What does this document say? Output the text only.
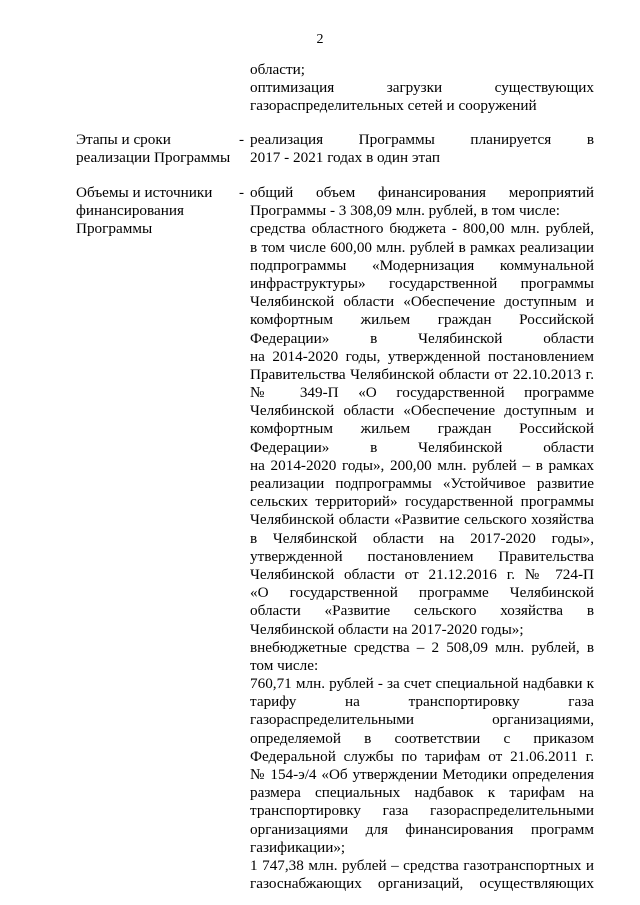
2
области;
оптимизация загрузки существующих
газораспределительных сетей и сооружений
Этапы и сроки
реализации Программы
- реализация Программы планируется в
2017 - 2021 годах в один этап
Объемы и источники
финансирования
Программы
- общий объем финансирования мероприятий
Программы - 3 308,09 млн. рублей, в том числе:
средства областного бюджета - 800,00 млн. рублей,
в том числе 600,00 млн. рублей в рамках реализации
подпрограммы «Модернизация коммунальной
инфраструктуры» государственной программы
Челябинской области «Обеспечение доступным и
комфортным жильем граждан Российской
Федерации» в Челябинской области
на 2014-2020 годы, утвержденной постановлением
Правительства Челябинской области от 22.10.2013 г.
№ 349-П «О государственной программе
Челябинской области «Обеспечение доступным и
комфортным жильем граждан Российской
Федерации» в Челябинской области
на 2014-2020 годы», 200,00 млн. рублей – в рамках
реализации подпрограммы «Устойчивое развитие
сельских территорий» государственной программы
Челябинской области «Развитие сельского хозяйства
в Челябинской области на 2017-2020 годы»,
утвержденной постановлением Правительства
Челябинской области от 21.12.2016 г. № 724-П
«О государственной программе Челябинской
области «Развитие сельского хозяйства в
Челябинской области на 2017-2020 годы»;
внебюджетные средства – 2 508,09 млн. рублей, в
том числе:
760,71 млн. рублей - за счет специальной надбавки к
тарифу на транспортировку газа
газораспределительными организациями,
определяемой в соответствии с приказом
Федеральной службы по тарифам от 21.06.2011 г.
№ 154-э/4 «Об утверждении Методики определения
размера специальных надбавок к тарифам на
транспортировку газа газораспределительными
организациями для финансирования программ
газификации»;
1 747,38 млн. рублей – средства газотранспортных и
газоснабжающих организаций, осуществляющих
